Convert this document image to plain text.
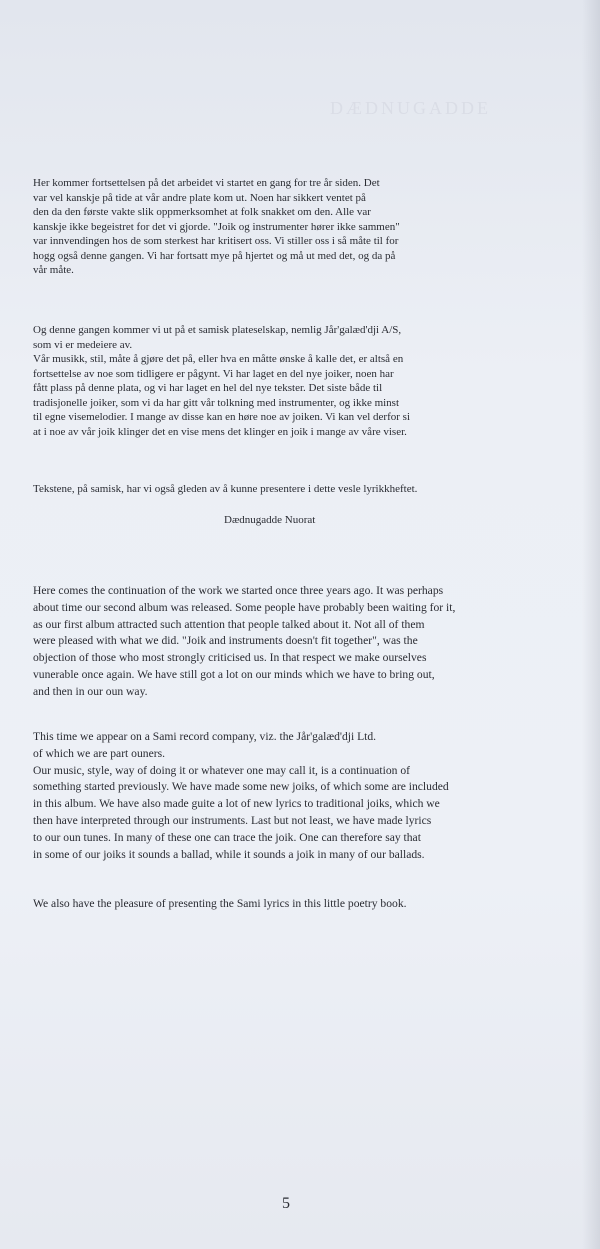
DÆDNUGADDE
Her kommer fortsettelsen på det arbeidet vi startet en gang for tre år siden. Det
var vel kanskje på tide at vår andre plate kom ut. Noen har sikkert ventet på
den da den første vakte slik oppmerksomhet at folk snakket om den. Alle var
kanskje ikke begeistret for det vi gjorde. "Joik og instrumenter hører ikke sammen"
var innvendingen hos de som sterkest har kritisert oss. Vi stiller oss i så måte til for
hogg også denne gangen. Vi har fortsatt mye på hjertet og må ut med det, og da på
vår måte.
Og denne gangen kommer vi ut på et samisk plateselskap, nemlig Jår'galæd'dji A/S,
som vi er medeiere av.
Vår musikk, stil, måte å gjøre det på, eller hva en måtte ønske å kalle det, er altså en
fortsettelse av noe som tidligere er pågynt. Vi har laget en del nye joiker, noen har
fått plass på denne plata, og vi har laget en hel del nye tekster. Det siste både til
tradisjonelle joiker, som vi da har gitt vår tolkning med instrumenter, og ikke minst
til egne visemelodier. I mange av disse kan en høre noe av joiken. Vi kan vel derfor si
at i noe av vår joik klinger det en vise mens det klinger en joik i mange av våre viser.
Tekstene, på samisk, har vi også gleden av å kunne presentere i dette vesle lyrikkheftet.
Dædnugadde Nuorat
Here comes the continuation of the work we started once three years ago. It was perhaps
about time our second album was released. Some people have probably been waiting for it,
as our first album attracted such attention that people talked about it. Not all of them
were pleased with what we did. "Joik and instruments doesn't fit together", was the
objection of those who most strongly criticised us. In that respect we make ourselves
vunerable once again. We have still got a lot on our minds which we have to bring out,
and then in our oun way.
This time we appear on a Sami record company, viz. the Jår'galæd'dji Ltd.
of which we are part ouners.
Our music, style, way of doing it or whatever one may call it, is a continuation of
something started previously. We have made some new joiks, of which some are included
in this album. We have also made guite a lot of new lyrics to traditional joiks, which we
then have interpreted through our instruments. Last but not least, we have made lyrics
to our oun tunes. In many of these one can trace the joik. One can therefore say that
in some of our joiks it sounds a ballad, while it sounds a joik in many of our ballads.
We also have the pleasure of presenting the Sami lyrics in this little poetry book.
5
